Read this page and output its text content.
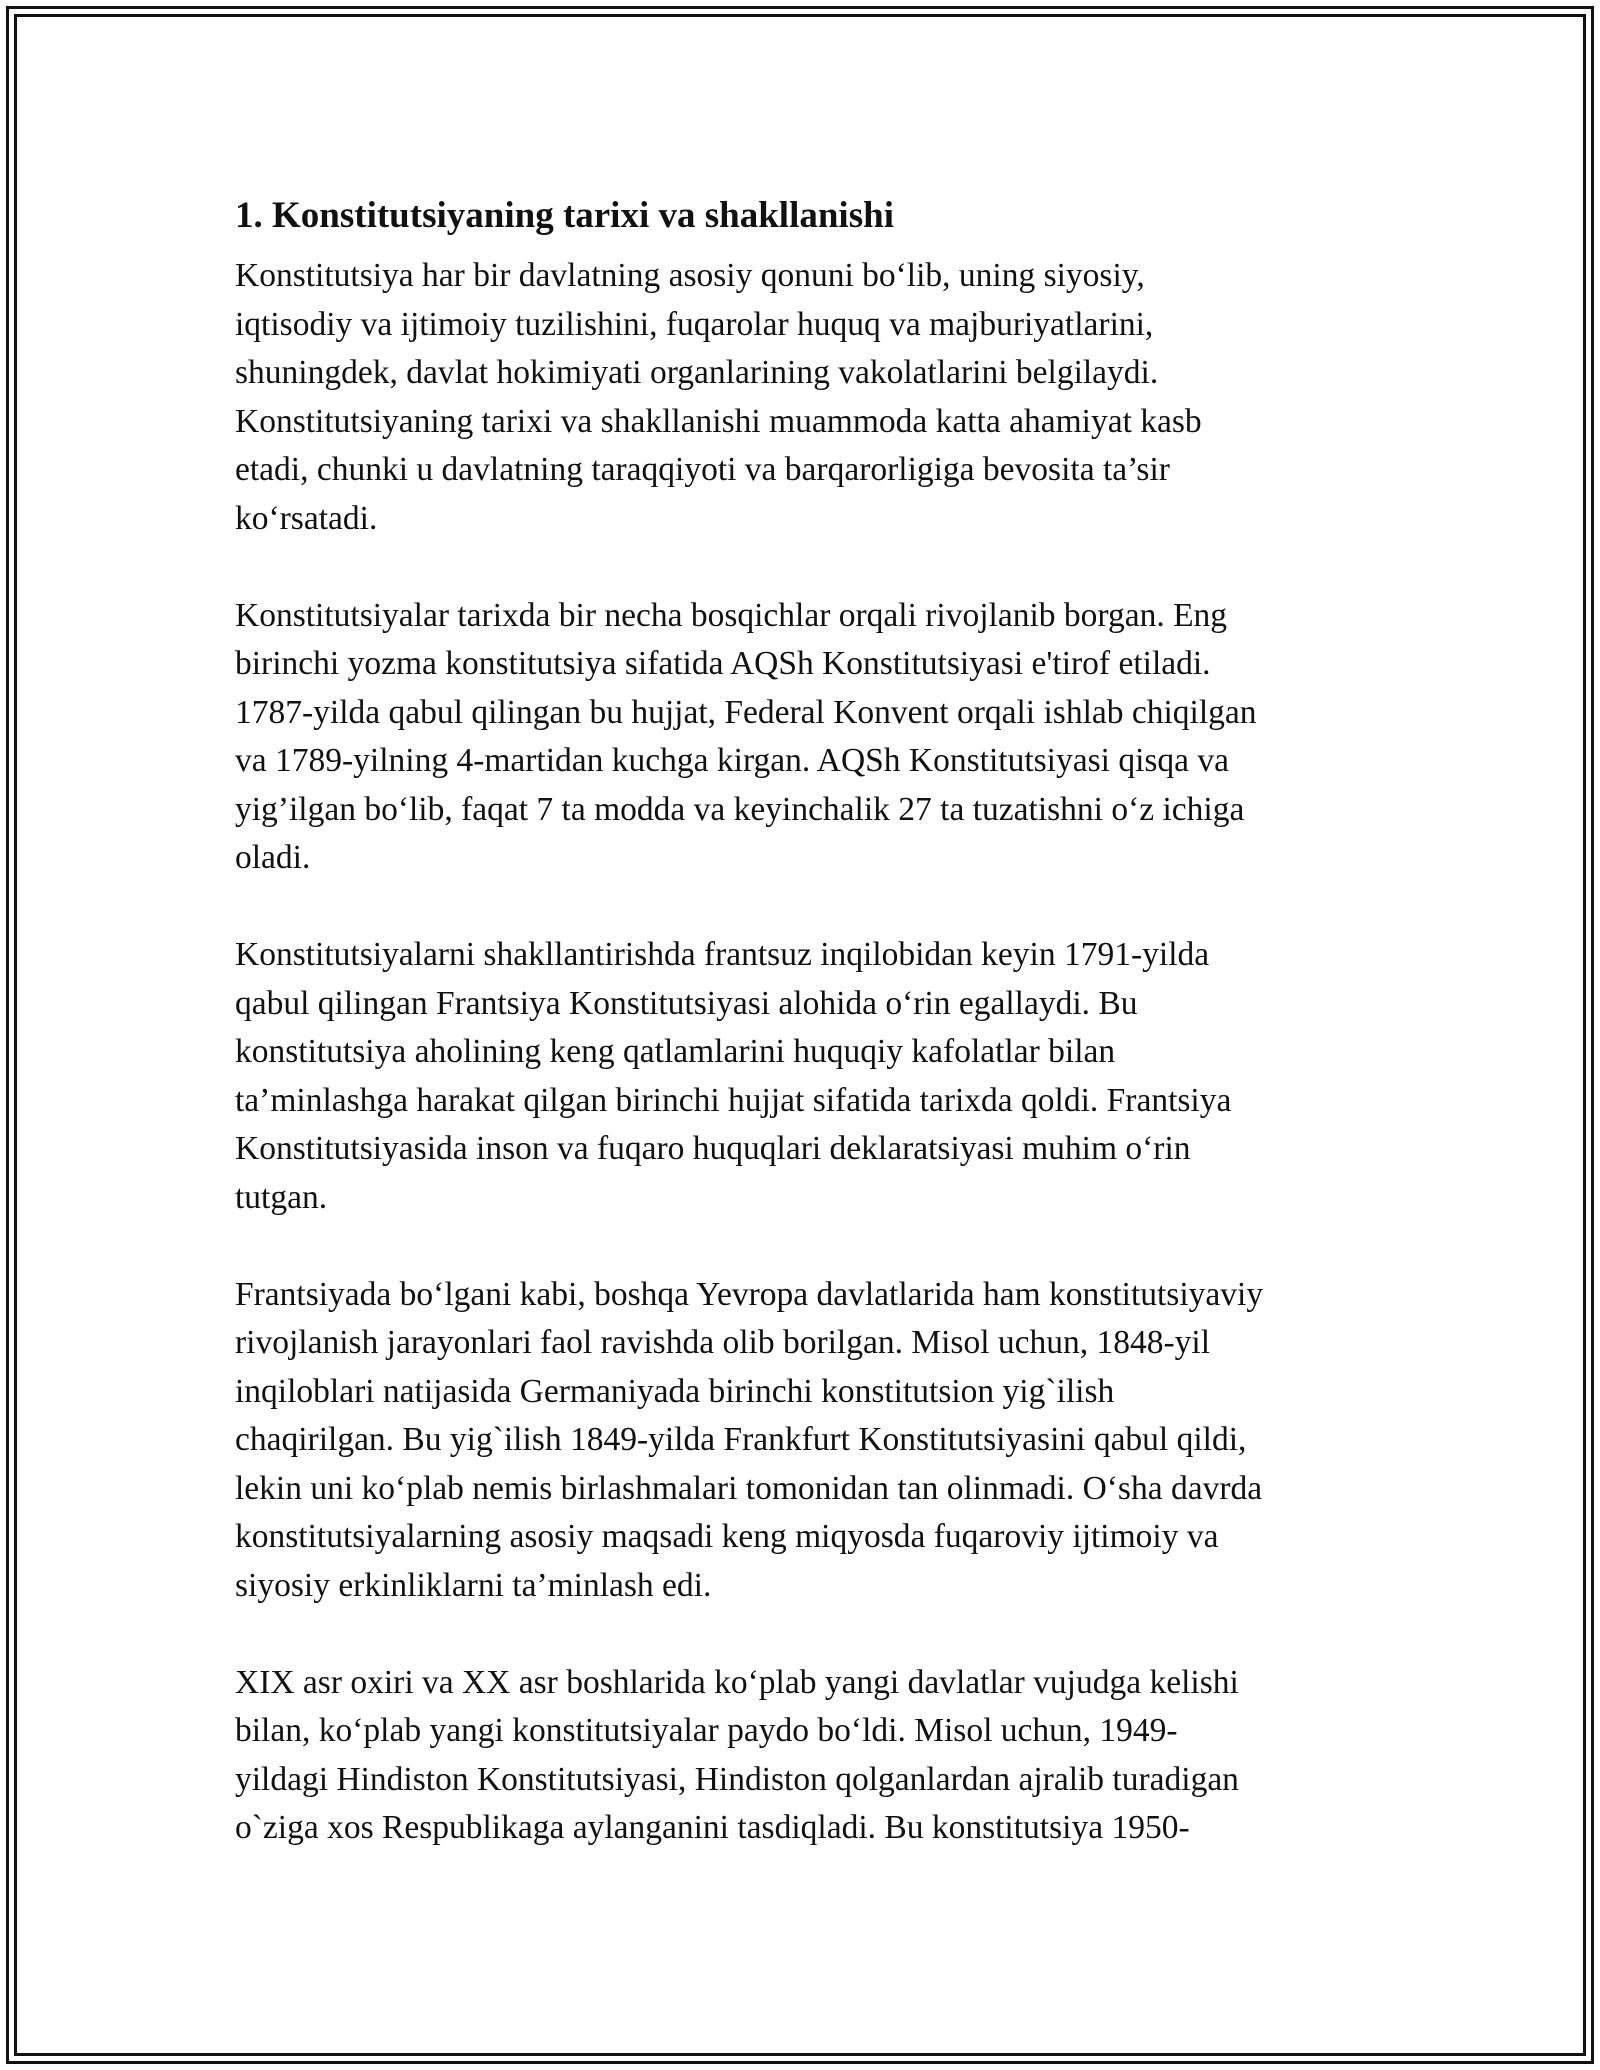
1. Konstitutsiyaning tarixi va shakllanishi

Konstitutsiya har bir davlatning asosiy qonuni bo‘lib, uning siyosiy,
iqtisodiy va ijtimoiy tuzilishini, fuqarolar huquq va majburiyatlarini,
shuningdek, davlat hokimiyati organlarining vakolatlarini belgilaydi.
Konstitutsiyaning tarixi va shakllanishi muammoda katta ahamiyat kasb
etadi, chunki u davlatning taraqqiyoti va barqarorligiga bevosita ta’sir
ko‘rsatadi.

Konstitutsiyalar tarixda bir necha bosqichlar orqali rivojlanib borgan. Eng
birinchi yozma konstitutsiya sifatida AQSh Konstitutsiyasi e'tirof etiladi.
1787-yilda qabul qilingan bu hujjat, Federal Konvent orqali ishlab chiqilgan
va 1789-yilning 4-martidan kuchga kirgan. AQSh Konstitutsiyasi qisqa va
yig’ilgan bo‘lib, faqat 7 ta modda va keyinchalik 27 ta tuzatishni o‘z ichiga
oladi.

Konstitutsiyalarni shakllantirishda frantsuz inqilobidan keyin 1791-yilda
qabul qilingan Frantsiya Konstitutsiyasi alohida o‘rin egallaydi. Bu
konstitutsiya aholining keng qatlamlarini huquqiy kafolatlar bilan
ta’minlashga harakat qilgan birinchi hujjat sifatida tarixda qoldi. Frantsiya
Konstitutsiyasida inson va fuqaro huquqlari deklaratsiyasi muhim o‘rin
tutgan.

Frantsiyada bo‘lgani kabi, boshqa Yevropa davlatlarida ham konstitutsiyaviy
rivojlanish jarayonlari faol ravishda olib borilgan. Misol uchun, 1848-yil
inqiloblari natijasida Germaniyada birinchi konstitutsion yig`ilish
chaqirilgan. Bu yig`ilish 1849-yilda Frankfurt Konstitutsiyasini qabul qildi,
lekin uni ko‘plab nemis birlashmalari tomonidan tan olinmadi. O‘sha davrda
konstitutsiyalarning asosiy maqsadi keng miqyosda fuqaroviy ijtimoiy va
siyosiy erkinliklarni ta’minlash edi.

XIX asr oxiri va XX asr boshlarida ko‘plab yangi davlatlar vujudga kelishi
bilan, ko‘plab yangi konstitutsiyalar paydo bo‘ldi. Misol uchun, 1949-
yildagi Hindiston Konstitutsiyasi, Hindiston qolganlardan ajralib turadigan
o`ziga xos Respublikaga aylanganini tasdiqladi. Bu konstitutsiya 1950-
